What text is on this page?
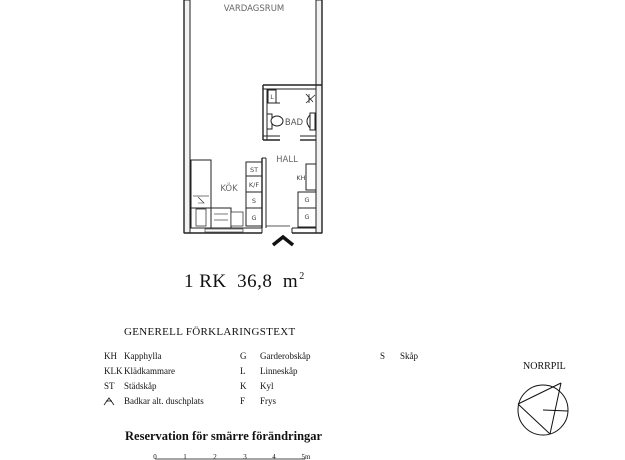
VARDAGSRUM
BAD
HALL
KÖK
L
ST
K/F
S
G
KH
G
G
0	1	2	3	4	5m
1 RK 36,8 $m^2$
GENERELL FÖRKLARINGSTEXT
KH Kapphylla
KLK Klädkammare
ST Städskåp
Badkar alt. duschplats
G Garderobskåp
L Linneskåp
K Kyl
F Frys
S Skåp
NORRPIL
Reservation för smärre förändringar
